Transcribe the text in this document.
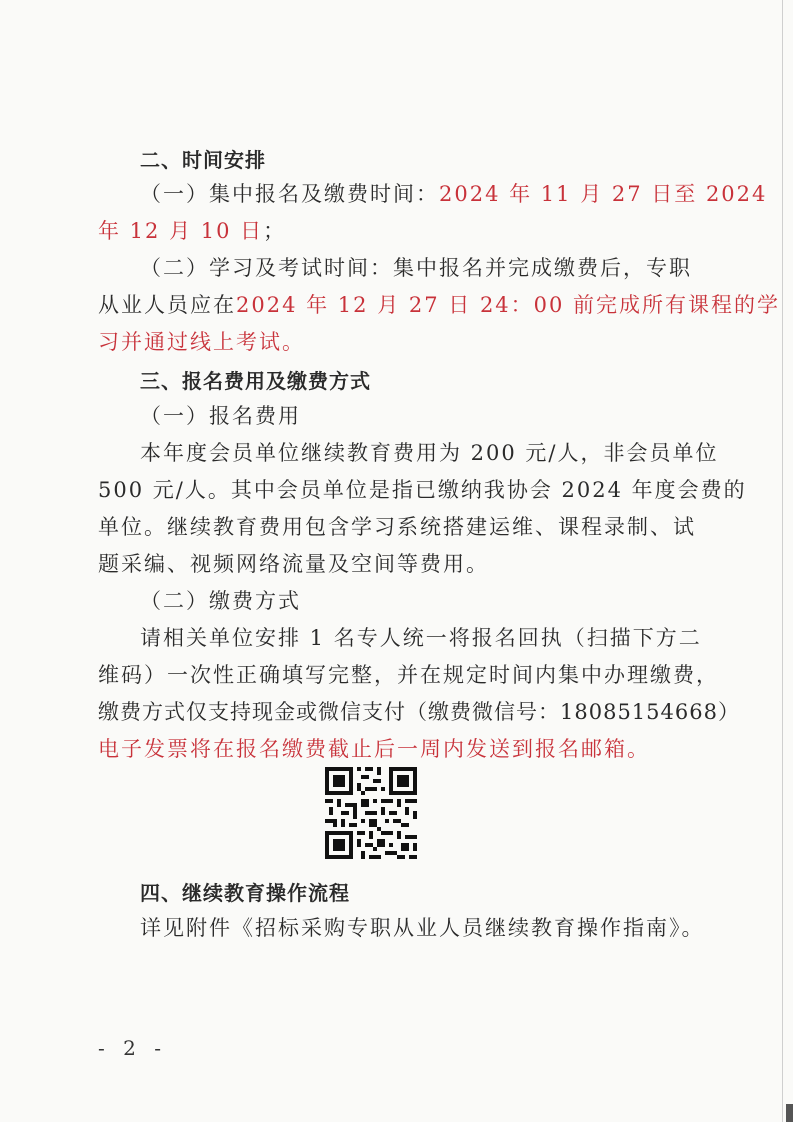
二、时间安排
（一）集中报名及缴费时间：2024 年 11 月 27 日至 2024
年 12 月 10 日；
（二）学习及考试时间：集中报名并完成缴费后，专职
从业人员应在2024 年 12 月 27 日 24：00 前完成所有课程的学
习并通过线上考试。
三、报名费用及缴费方式
（一）报名费用
本年度会员单位继续教育费用为 200 元/人，非会员单位
500 元/人。其中会员单位是指已缴纳我协会 2024 年度会费的
单位。继续教育费用包含学习系统搭建运维、课程录制、试
题采编、视频网络流量及空间等费用。
（二）缴费方式
请相关单位安排 1 名专人统一将报名回执（扫描下方二
维码）一次性正确填写完整，并在规定时间内集中办理缴费，
缴费方式仅支持现金或微信支付（缴费微信号：18085154668）
电子发票将在报名缴费截止后一周内发送到报名邮箱。
四、继续教育操作流程
详见附件《招标采购专职从业人员继续教育操作指南》。
- 2 -
